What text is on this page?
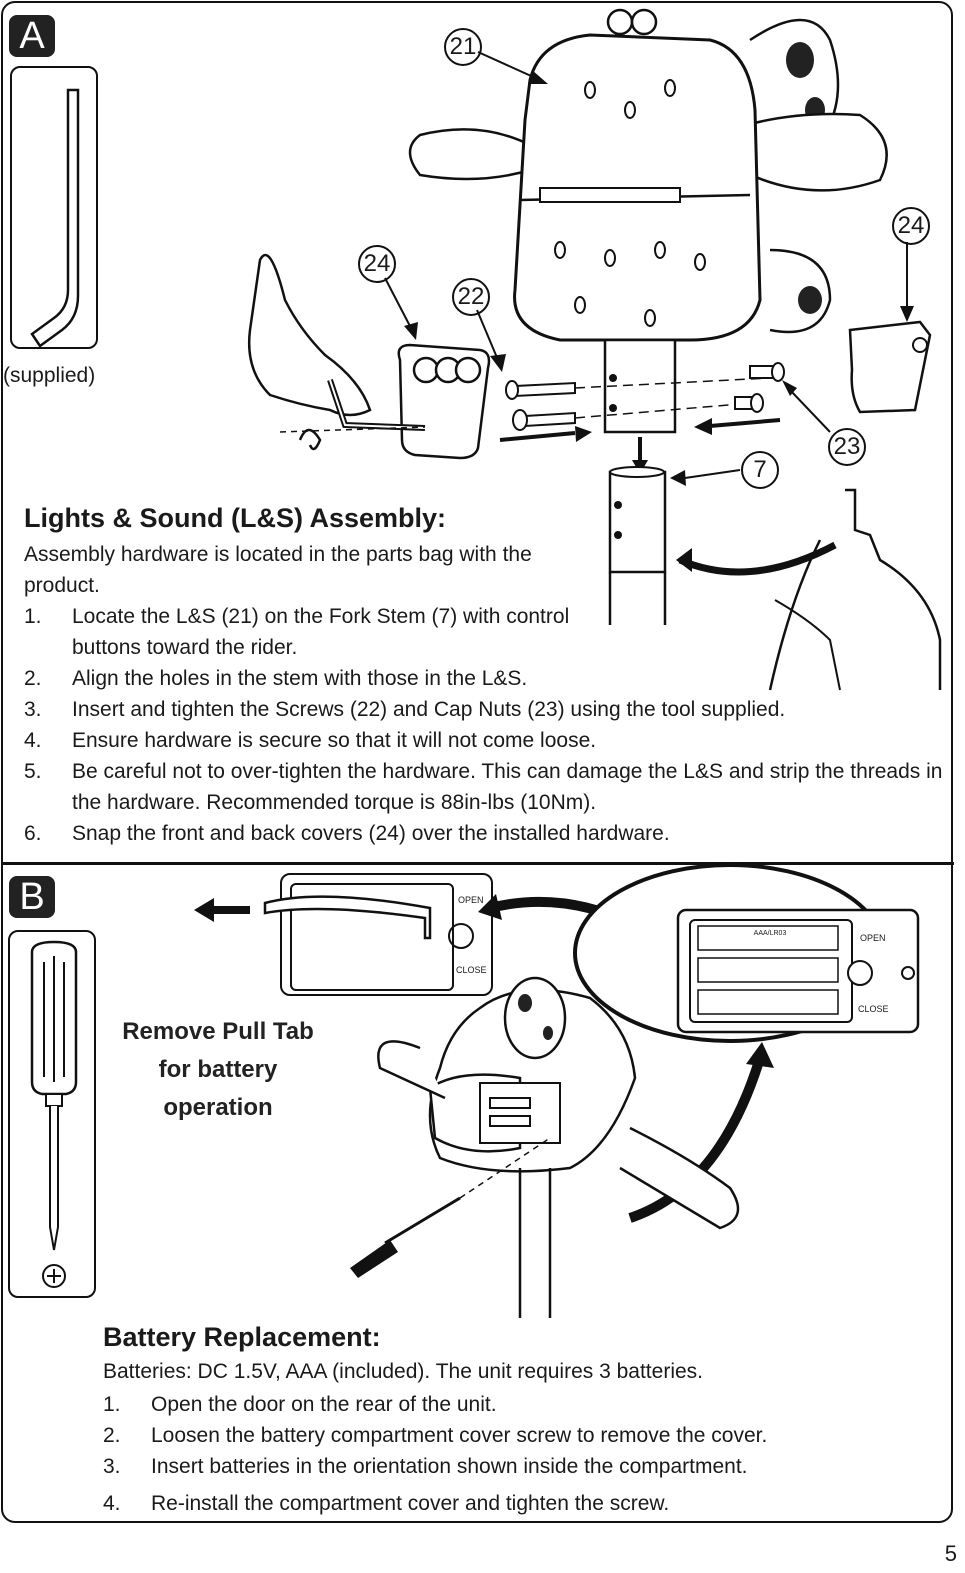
A
(supplied)
21
24
24
22
23
7
Lights & Sound (L&S) Assembly:
Assembly hardware is located in the parts bag with the product.
1. Locate the L&S (21) on the Fork Stem (7) with control buttons toward the rider.
2. Align the holes in the stem with those in the L&S.
3. Insert and tighten the Screws (22) and Cap Nuts (23) using the tool supplied.
4. Ensure hardware is secure so that it will not come loose.
5. Be careful not to over-tighten the hardware. This can damage the L&S and strip the threads in the hardware. Recommended torque is 88in-lbs (10Nm).
6. Snap the front and back covers (24) over the installed hardware.
B	OPEN
CLOSE
AAA/LR03	OPEN
CLOSE
Remove Pull Tab for battery operation
Battery Replacement:
Batteries: DC 1.5V, AAA (included). The unit requires 3 batteries.
1. Open the door on the rear of the unit.
2. Loosen the battery compartment cover screw to remove the cover.
3. Insert batteries in the orientation shown inside the compartment.
4. Re-install the compartment cover and tighten the screw.
5
